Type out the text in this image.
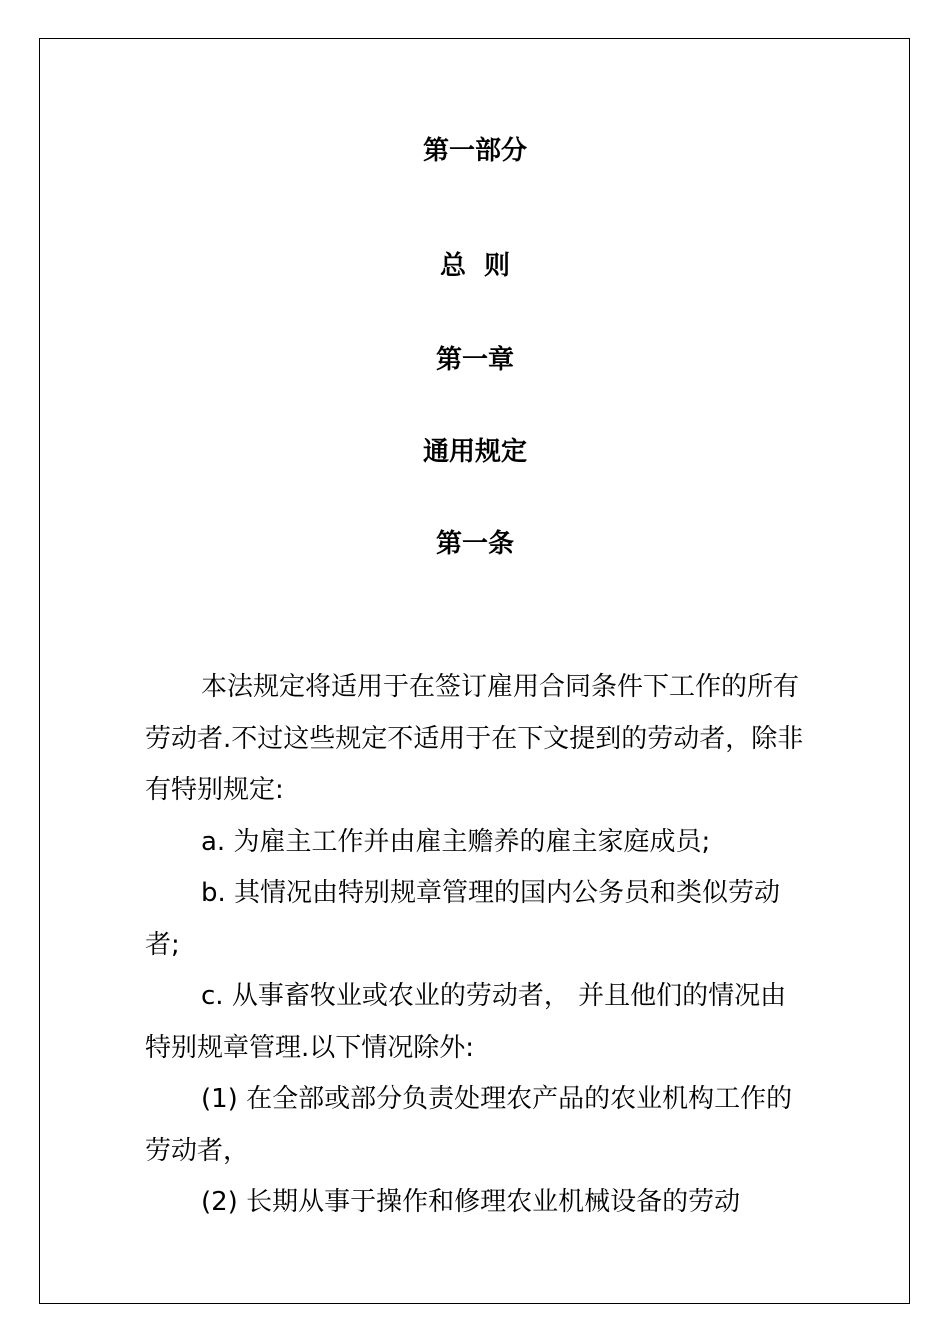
第一部分
总  则
第一章
通用规定
第一条

本法规定将适用于在签订雇用合同条件下工作的所有劳动者.不过这些规定不适用于在下文提到的劳动者，除非有特别规定:

a. 为雇主工作并由雇主赡养的雇主家庭成员;

b. 其情况由特别规章管理的国内公务员和类似劳动者;

c. 从事畜牧业或农业的劳动者， 并且他们的情况由特别规章管理.以下情况除外:

(1) 在全部或部分负责处理农产品的农业机构工作的劳动者，

(2) 长期从事于操作和修理农业机械设备的劳动
